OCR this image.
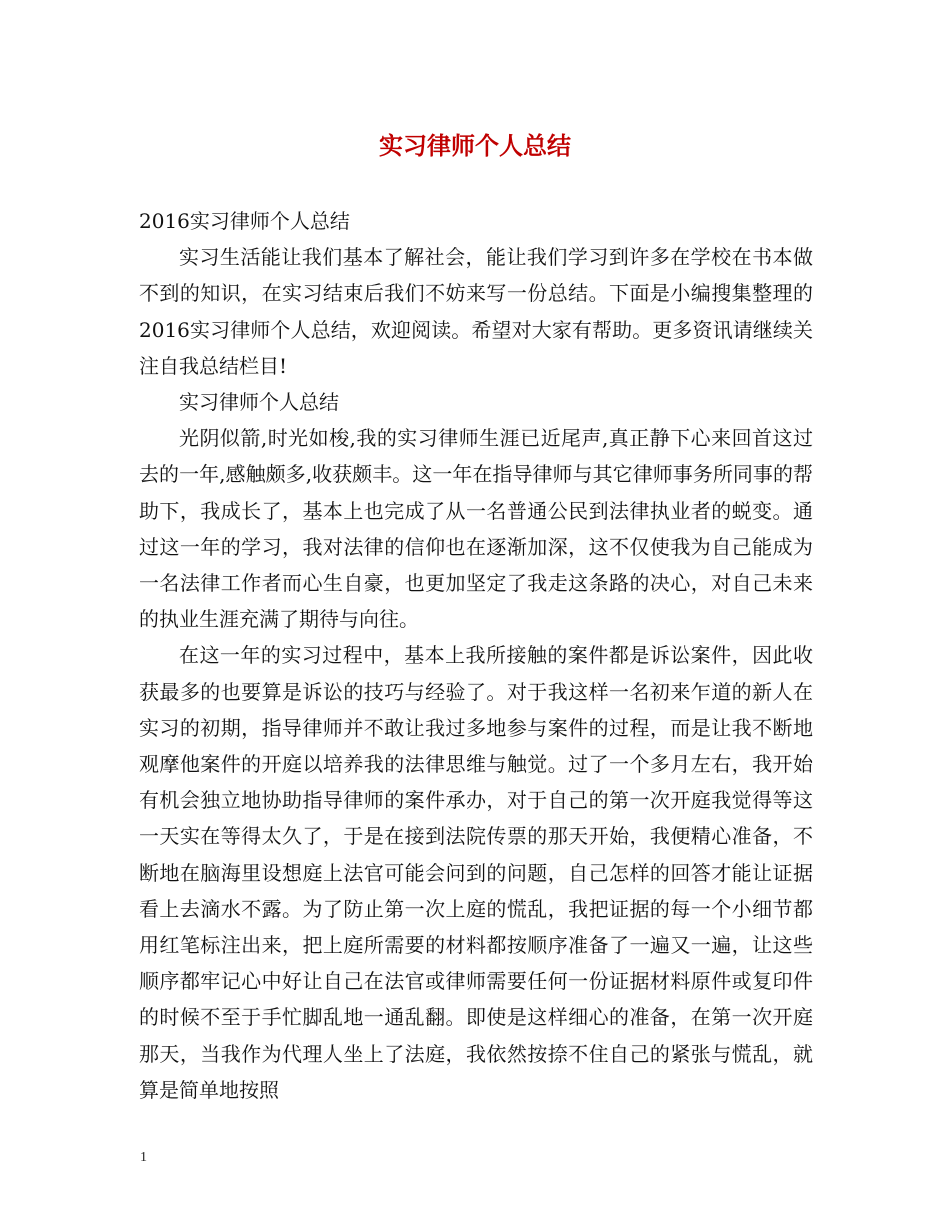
实习律师个人总结

2016实习律师个人总结

实习生活能让我们基本了解社会，能让我们学习到许多在学校在书本做不到的知识，在实习结束后我们不妨来写一份总结。下面是小编搜集整理的2016实习律师个人总结，欢迎阅读。希望对大家有帮助。更多资讯请继续关注自我总结栏目!

实习律师个人总结

光阴似箭,时光如梭,我的实习律师生涯已近尾声,真正静下心来回首这过去的一年,感触颇多,收获颇丰。这一年在指导律师与其它律师事务所同事的帮助下，我成长了，基本上也完成了从一名普通公民到法律执业者的蜕变。通过这一年的学习，我对法律的信仰也在逐渐加深，这不仅使我为自己能成为一名法律工作者而心生自豪，也更加坚定了我走这条路的决心，对自己未来的执业生涯充满了期待与向往。

在这一年的实习过程中，基本上我所接触的案件都是诉讼案件，因此收获最多的也要算是诉讼的技巧与经验了。对于我这样一名初来乍道的新人在实习的初期，指导律师并不敢让我过多地参与案件的过程，而是让我不断地观摩他案件的开庭以培养我的法律思维与触觉。过了一个多月左右，我开始有机会独立地协助指导律师的案件承办，对于自己的第一次开庭我觉得等这一天实在等得太久了，于是在接到法院传票的那天开始，我便精心准备，不断地在脑海里设想庭上法官可能会问到的问题，自己怎样的回答才能让证据看上去滴水不露。为了防止第一次上庭的慌乱，我把证据的每一个小细节都用红笔标注出来，把上庭所需要的材料都按顺序准备了一遍又一遍，让这些顺序都牢记心中好让自己在法官或律师需要任何一份证据材料原件或复印件的时候不至于手忙脚乱地一通乱翻。即使是这样细心的准备，在第一次开庭那天，当我作为代理人坐上了法庭，我依然按捺不住自己的紧张与慌乱，就算是简单地按照

1
